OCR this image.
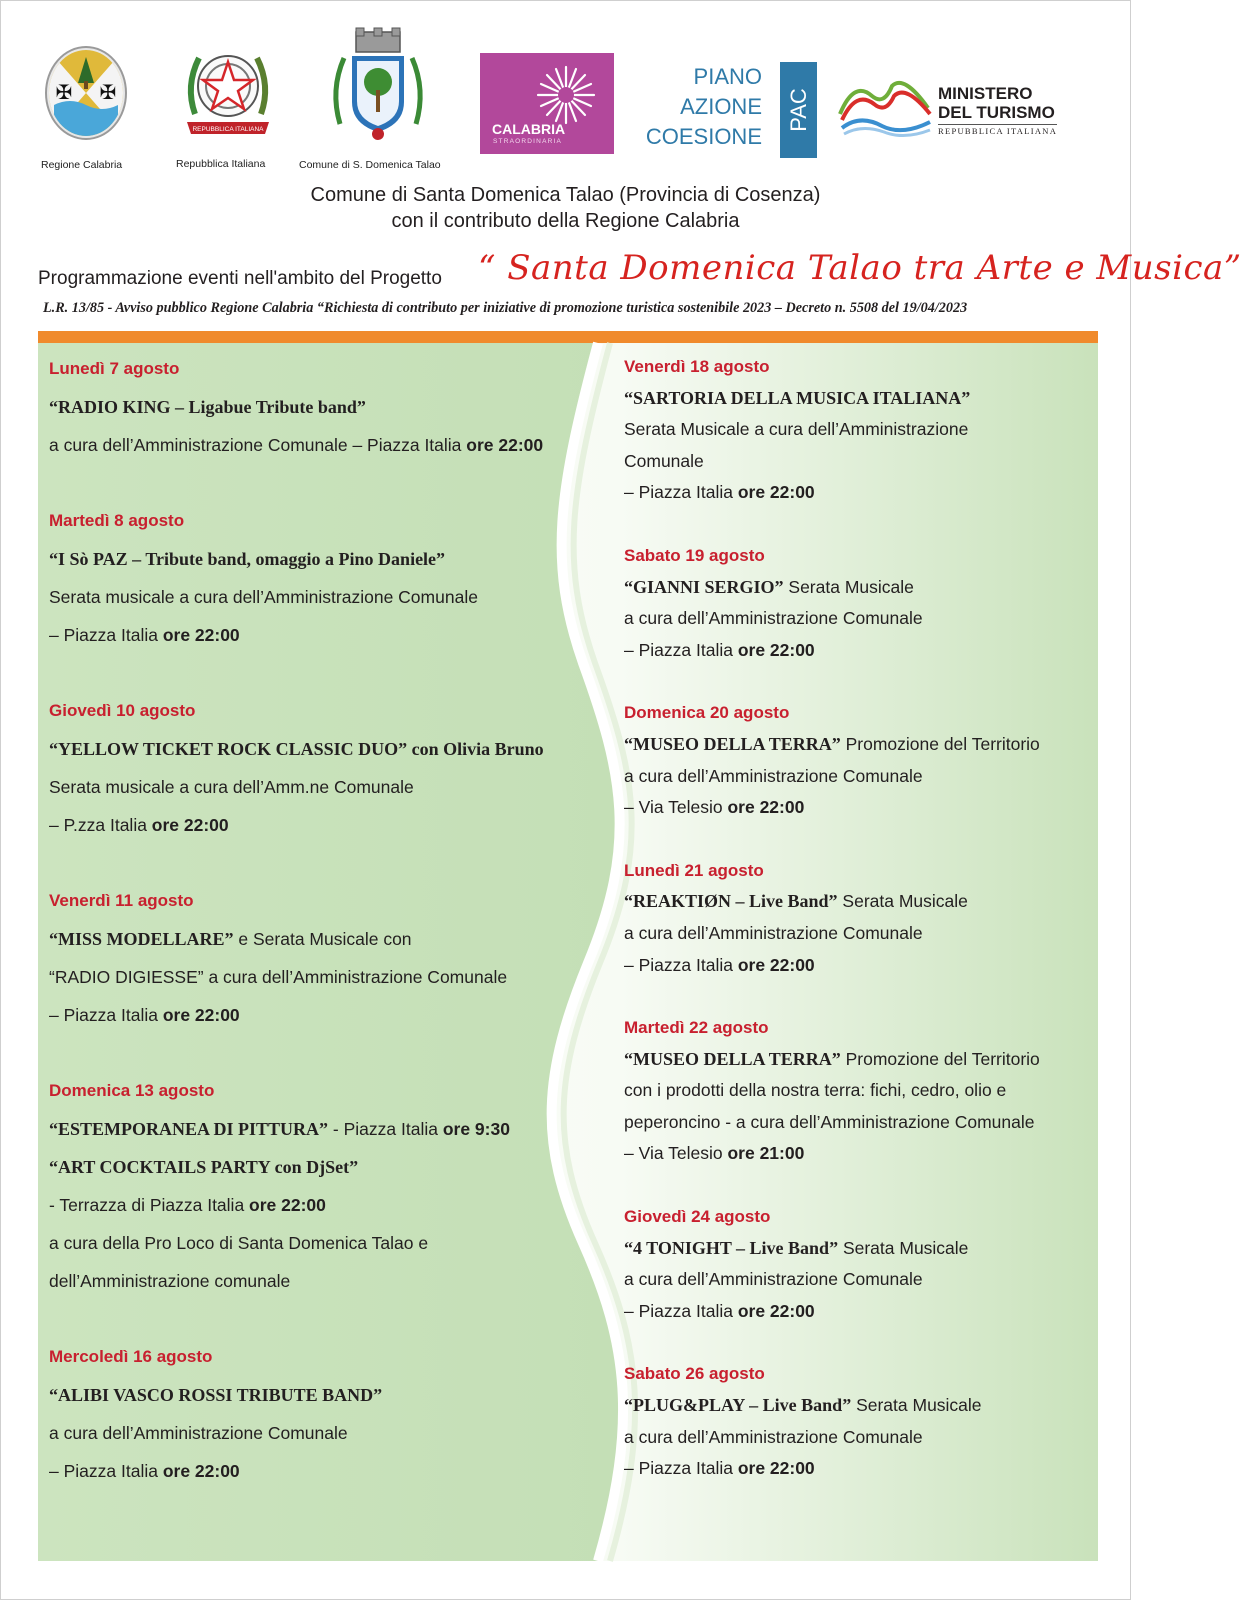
✠ ✠
Regione Calabria
REPUBBLICA ITALIANA
Repubblica Italiana	Comune di S. Domenica Talao
CALABRIA
STRAORDINARIA
PIANO
AZIONE
COESIONE
PAC	MINISTERO
DEL TURISMO
REPUBBLICA ITALIANA
Comune di Santa Domenica Talao (Provincia di Cosenza)
con il contributo della Regione Calabria
Programmazione eventi nell'ambito del Progetto “ Santa Domenica Talao tra Arte e Musica”
L.R. 13/85 - Avviso pubblico Regione Calabria “Richiesta di contributo per iniziative di promozione turistica sostenibile 2023 – Decreto n. 5508 del 19/04/2023
Lunedì 7 agosto
“RADIO KING – Ligabue Tribute band”
a cura dell’Amministrazione Comunale – Piazza Italia ore 22:00
Martedì 8 agosto
“I Sò PAZ – Tribute band, omaggio a Pino Daniele”
Serata musicale a cura dell’Amministrazione Comunale
– Piazza Italia ore 22:00
Giovedì 10 agosto
“YELLOW TICKET ROCK CLASSIC DUO” con Olivia Bruno
Serata musicale a cura dell’Amm.ne Comunale
– P.zza Italia ore 22:00
Venerdì 11 agosto
“MISS MODELLARE” e Serata Musicale con
“RADIO DIGIESSE” a cura dell’Amministrazione Comunale
– Piazza Italia ore 22:00
Domenica 13 agosto
“ESTEMPORANEA DI PITTURA” - Piazza Italia ore 9:30
“ART COCKTAILS PARTY con DjSet”
- Terrazza di Piazza Italia ore 22:00
a cura della Pro Loco di Santa Domenica Talao e
dell’Amministrazione comunale
Mercoledì 16 agosto
“ALIBI VASCO ROSSI TRIBUTE BAND”
a cura dell’Amministrazione Comunale
– Piazza Italia ore 22:00
Venerdì 18 agosto
“SARTORIA DELLA MUSICA ITALIANA”
Serata Musicale a cura dell’Amministrazione
Comunale
– Piazza Italia ore 22:00
Sabato 19 agosto
“GIANNI SERGIO” Serata Musicale
a cura dell’Amministrazione Comunale
– Piazza Italia ore 22:00
Domenica 20 agosto
“MUSEO DELLA TERRA” Promozione del Territorio
a cura dell’Amministrazione Comunale
– Via Telesio ore 22:00
Lunedì 21 agosto
“REAKTIØN – Live Band” Serata Musicale
a cura dell’Amministrazione Comunale
– Piazza Italia ore 22:00
Martedì 22 agosto
“MUSEO DELLA TERRA” Promozione del Territorio
con i prodotti della nostra terra: fichi, cedro, olio e
peperoncino - a cura dell’Amministrazione Comunale
– Via Telesio ore 21:00
Giovedì 24 agosto
“4 TONIGHT – Live Band” Serata Musicale
a cura dell’Amministrazione Comunale
– Piazza Italia ore 22:00
Sabato 26 agosto
“PLUG&PLAY – Live Band” Serata Musicale
a cura dell’Amministrazione Comunale
– Piazza Italia ore 22:00
